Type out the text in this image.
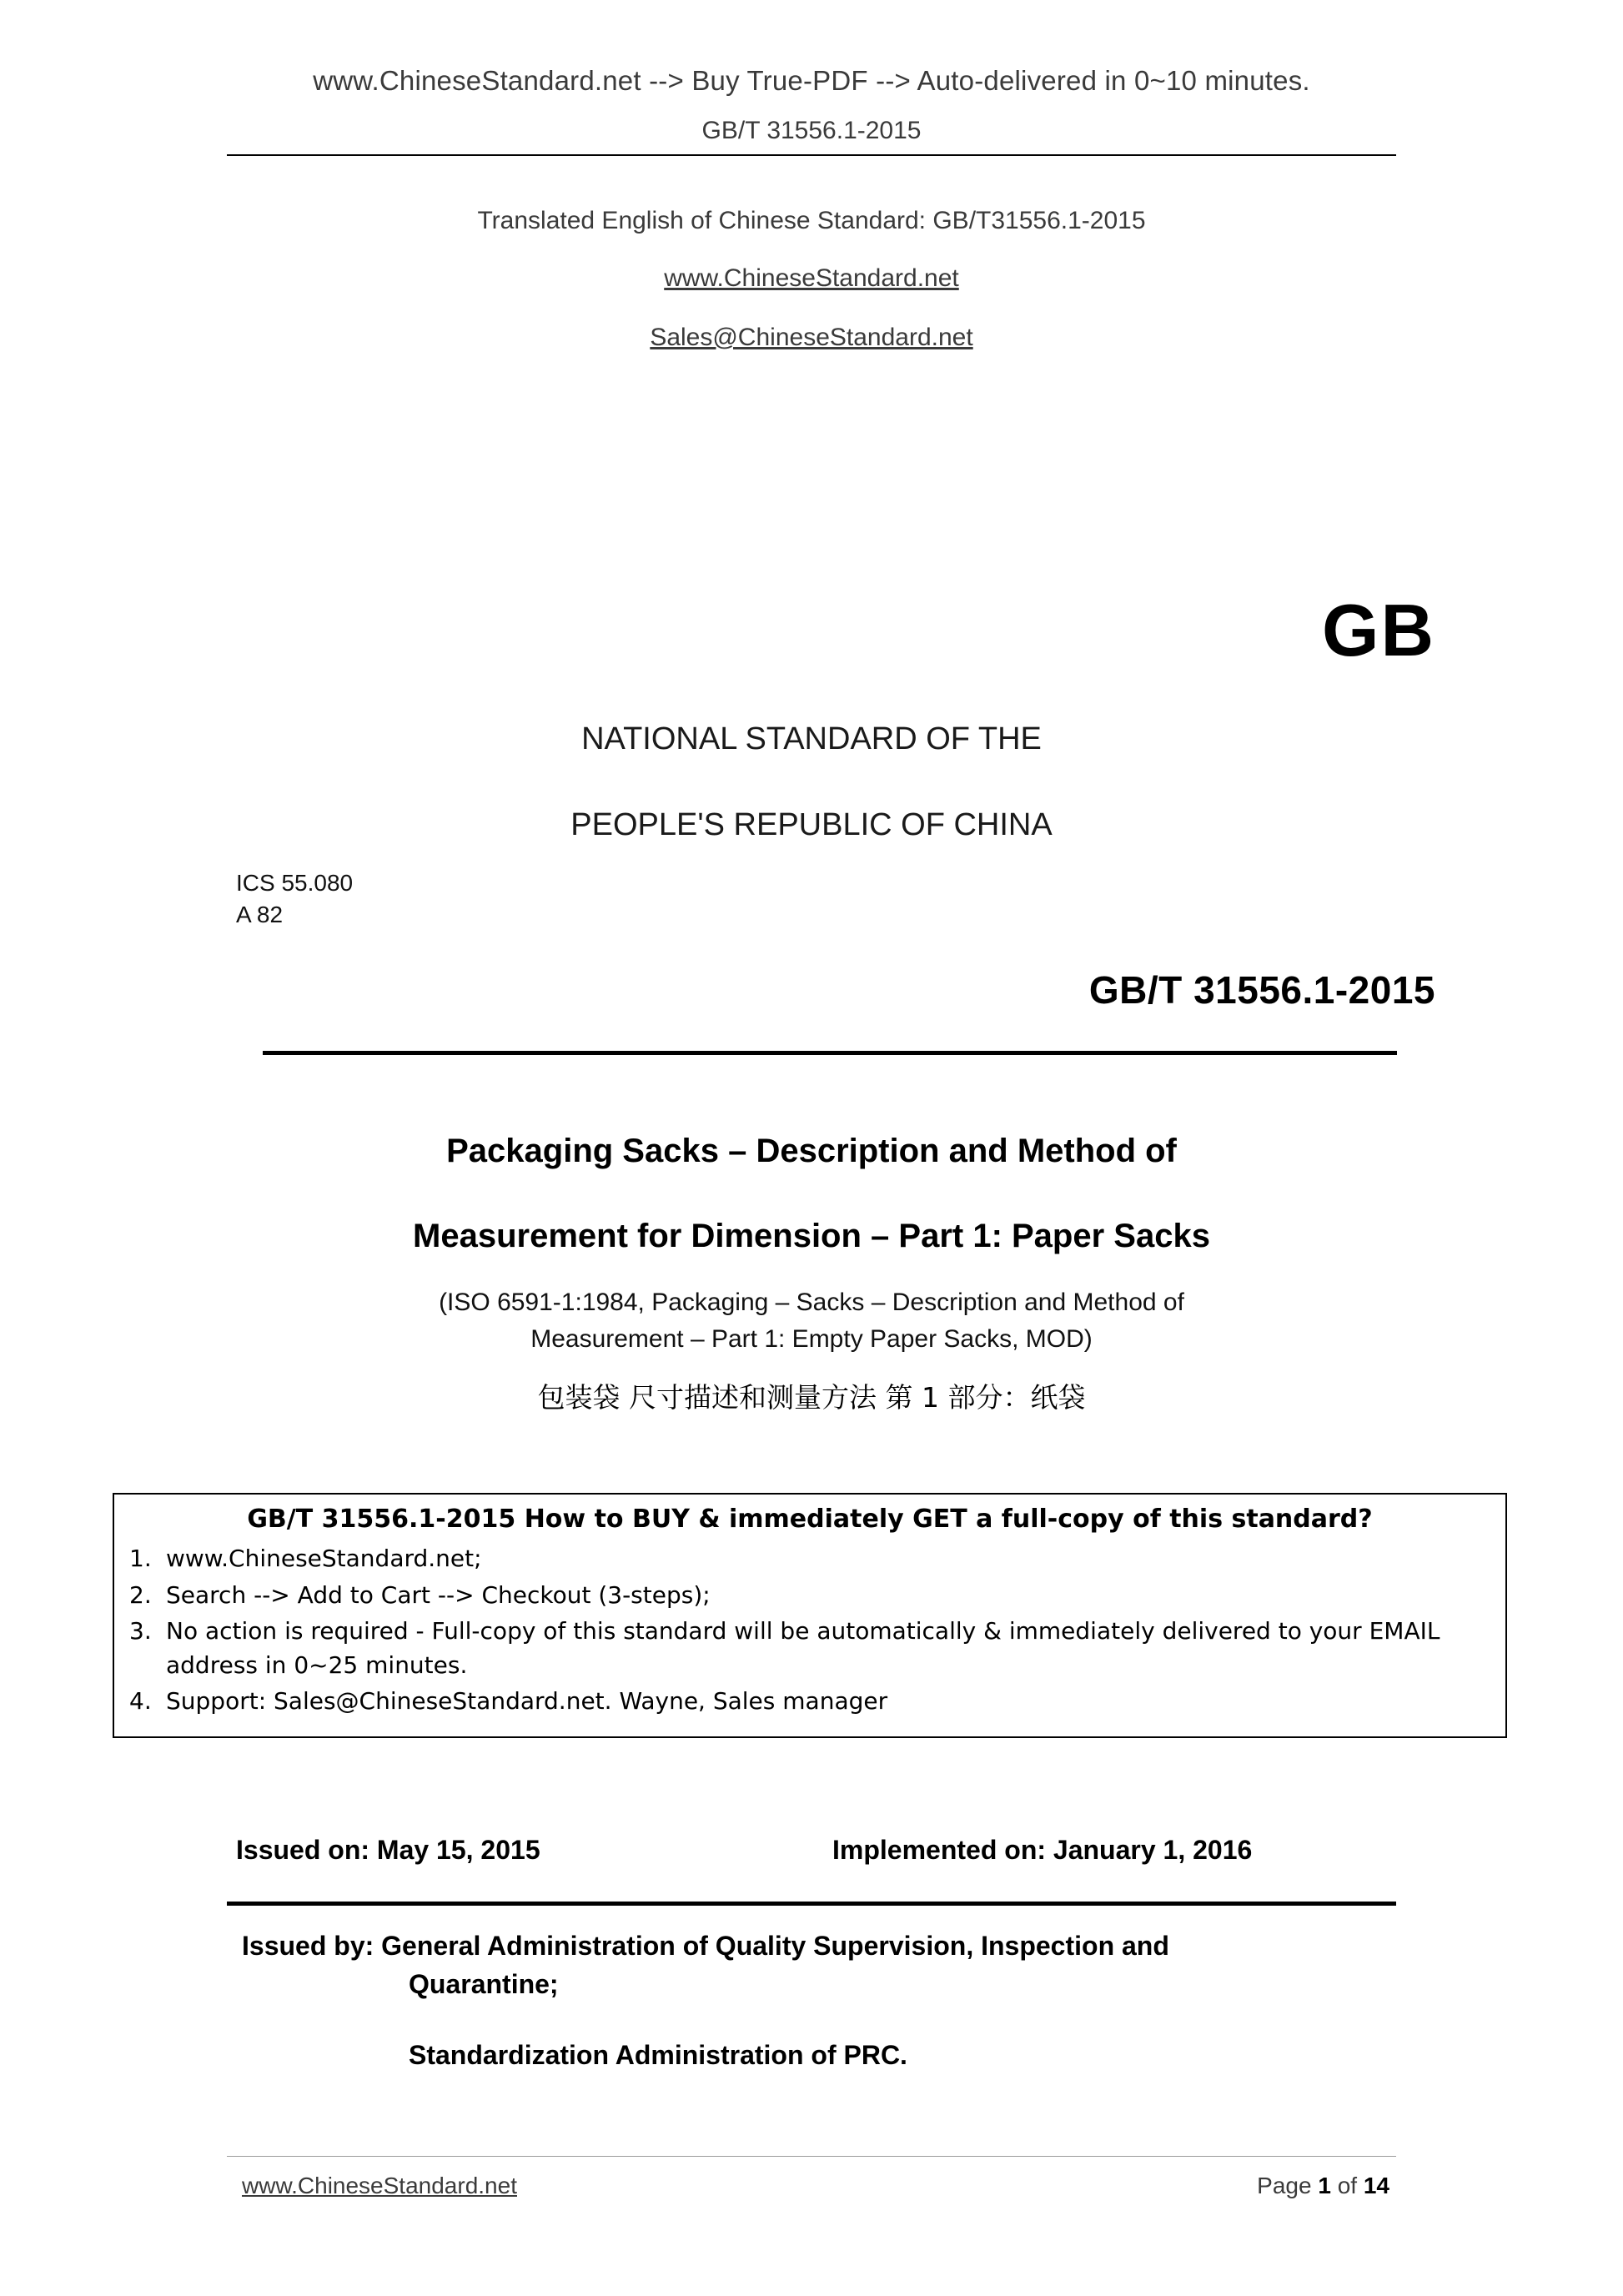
www.ChineseStandard.net --> Buy True-PDF --> Auto-delivered in 0~10 minutes.
GB/T 31556.1-2015
Translated English of Chinese Standard: GB/T31556.1-2015
www.ChineseStandard.net
Sales@ChineseStandard.net
GB
NATIONAL STANDARD OF THE
PEOPLE'S REPUBLIC OF CHINA
ICS 55.080
A 82
GB/T 31556.1-2015
Packaging Sacks – Description and Method of
Measurement for Dimension – Part 1: Paper Sacks
(ISO 6591-1:1984, Packaging – Sacks – Description and Method of
Measurement – Part 1: Empty Paper Sacks, MOD)
包装袋 尺寸描述和测量方法 第 1 部分：纸袋
GB/T 31556.1-2015 How to BUY & immediately GET a full-copy of this standard?
1. www.ChineseStandard.net;
2. Search --> Add to Cart --> Checkout (3-steps);
3. No action is required - Full-copy of this standard will be automatically & immediately delivered to your EMAIL address in 0~25 minutes.
4. Support: Sales@ChineseStandard.net. Wayne, Sales manager
Issued on: May 15, 2015	Implemented on: January 1, 2016
Issued by: General Administration of Quality Supervision, Inspection and
Quarantine;
Standardization Administration of PRC.
www.ChineseStandard.net	Page 1 of 14
